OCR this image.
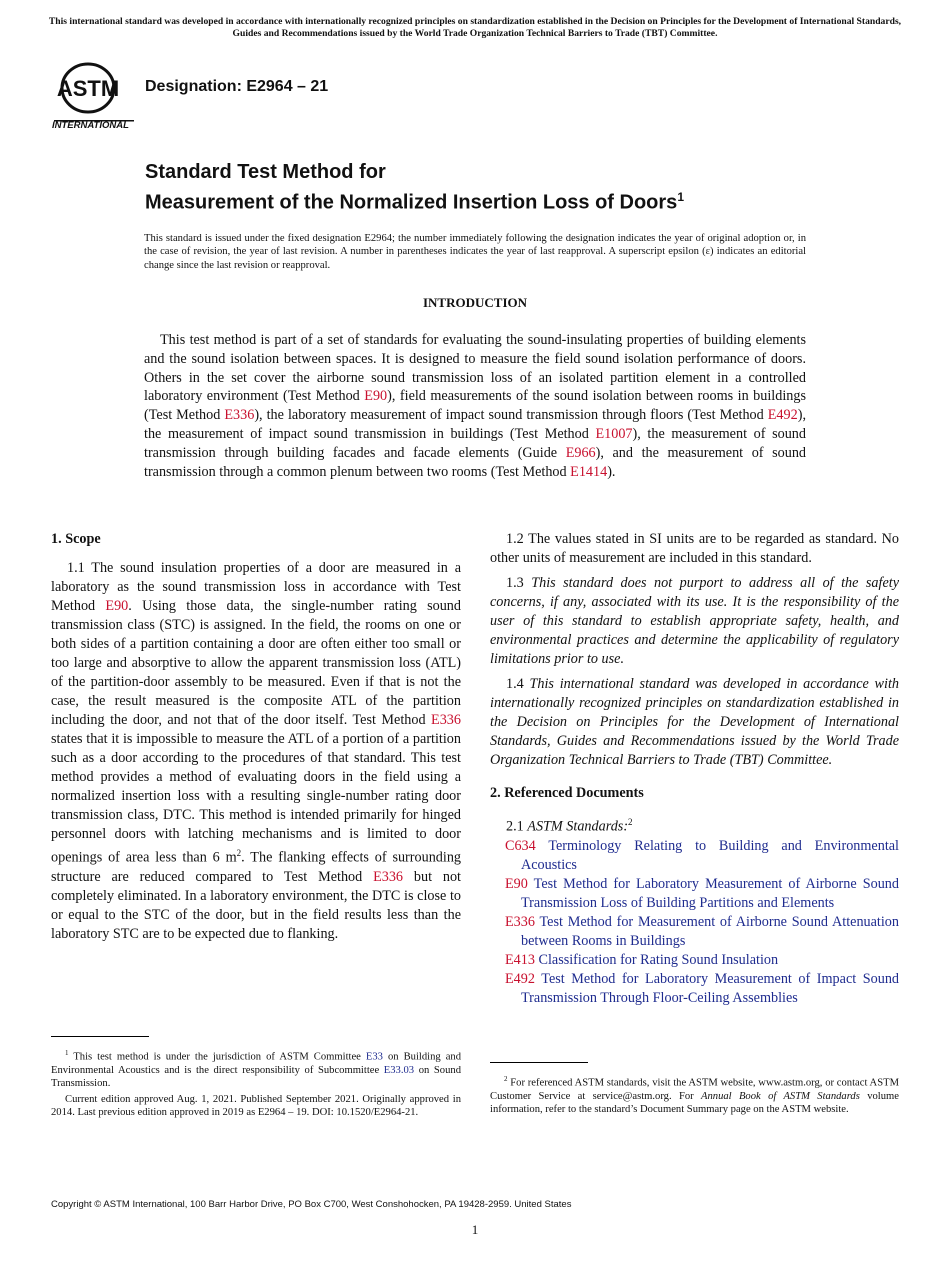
This international standard was developed in accordance with internationally recognized principles on standardization established in the Decision on Principles for the Development of International Standards, Guides and Recommendations issued by the World Trade Organization Technical Barriers to Trade (TBT) Committee.
ASTM
INTERNATIONAL
Designation: E2964 – 21
Standard Test Method for
Measurement of the Normalized Insertion Loss of Doors$^1$
This standard is issued under the fixed designation E2964; the number immediately following the designation indicates the year of original adoption or, in the case of revision, the year of last revision. A number in parentheses indicates the year of last reapproval. A superscript epsilon (ε) indicates an editorial change since the last revision or reapproval.
INTRODUCTION
This test method is part of a set of standards for evaluating the sound-insulating properties of building elements and the sound isolation between spaces. It is designed to measure the field sound isolation performance of doors. Others in the set cover the airborne sound transmission loss of an isolated partition element in a controlled laboratory environment (Test Method E90), field measurements of the sound isolation between rooms in buildings (Test Method E336), the laboratory measurement of impact sound transmission through floors (Test Method E492), the measurement of impact sound transmission in buildings (Test Method E1007), the measurement of sound transmission through building facades and facade elements (Guide E966), and the measurement of sound transmission through a common plenum between two rooms (Test Method E1414).
1. Scope

1.1 The sound insulation properties of a door are measured in a laboratory as the sound transmission loss in accordance with Test Method E90. Using those data, the single-number rating sound transmission class (STC) is assigned. In the field, the rooms on one or both sides of a partition containing a door are often either too small or too large and absorptive to allow the apparent transmission loss (ATL) of the partition-door assembly to be measured. Even if that is not the case, the result measured is the composite ATL of the partition including the door, and not that of the door itself. Test Method E336 states that it is impossible to measure the ATL of a portion of a partition such as a door according to the procedures of that standard. This test method provides a method of evaluating doors in the field using a normalized insertion loss with a resulting single-number rating door transmission class, DTC. This method is intended primarily for hinged personnel doors with latching mechanisms and is limited to door openings of area less than 6 $m^2$. The flanking effects of surrounding structure are reduced compared to Test Method E336 but not completely eliminated. In a laboratory environment, the DTC is close to or equal to the STC of the door, but in the field results less than the laboratory STC are to be expected due to flanking.

1.2 The values stated in SI units are to be regarded as standard. No other units of measurement are included in this standard.

1.3 This standard does not purport to address all of the safety concerns, if any, associated with its use. It is the responsibility of the user of this standard to establish appropriate safety, health, and environmental practices and determine the applicability of regulatory limitations prior to use.

1.4 This international standard was developed in accordance with internationally recognized principles on standardization established in the Decision on Principles for the Development of International Standards, Guides and Recommendations issued by the World Trade Organization Technical Barriers to Trade (TBT) Committee.

2. Referenced Documents

2.1 ASTM Standards:$^2$

C634 Terminology Relating to Building and Environmental Acoustics

E90 Test Method for Laboratory Measurement of Airborne Sound Transmission Loss of Building Partitions and Elements

E336 Test Method for Measurement of Airborne Sound Attenuation between Rooms in Buildings

E413 Classification for Rating Sound Insulation

E492 Test Method for Laboratory Measurement of Impact Sound Transmission Through Floor-Ceiling Assemblies

$^1$ This test method is under the jurisdiction of ASTM Committee E33 on Building and Environmental Acoustics and is the direct responsibility of Subcommittee E33.03 on Sound Transmission.

Current edition approved Aug. 1, 2021. Published September 2021. Originally approved in 2014. Last previous edition approved in 2019 as E2964 – 19. DOI: 10.1520/E2964-21.

$^2$ For referenced ASTM standards, visit the ASTM website, www.astm.org, or contact ASTM Customer Service at service@astm.org. For Annual Book of ASTM Standards volume information, refer to the standard’s Document Summary page on the ASTM website.

Copyright © ASTM International, 100 Barr Harbor Drive, PO Box C700, West Conshohocken, PA 19428-2959. United States
1
